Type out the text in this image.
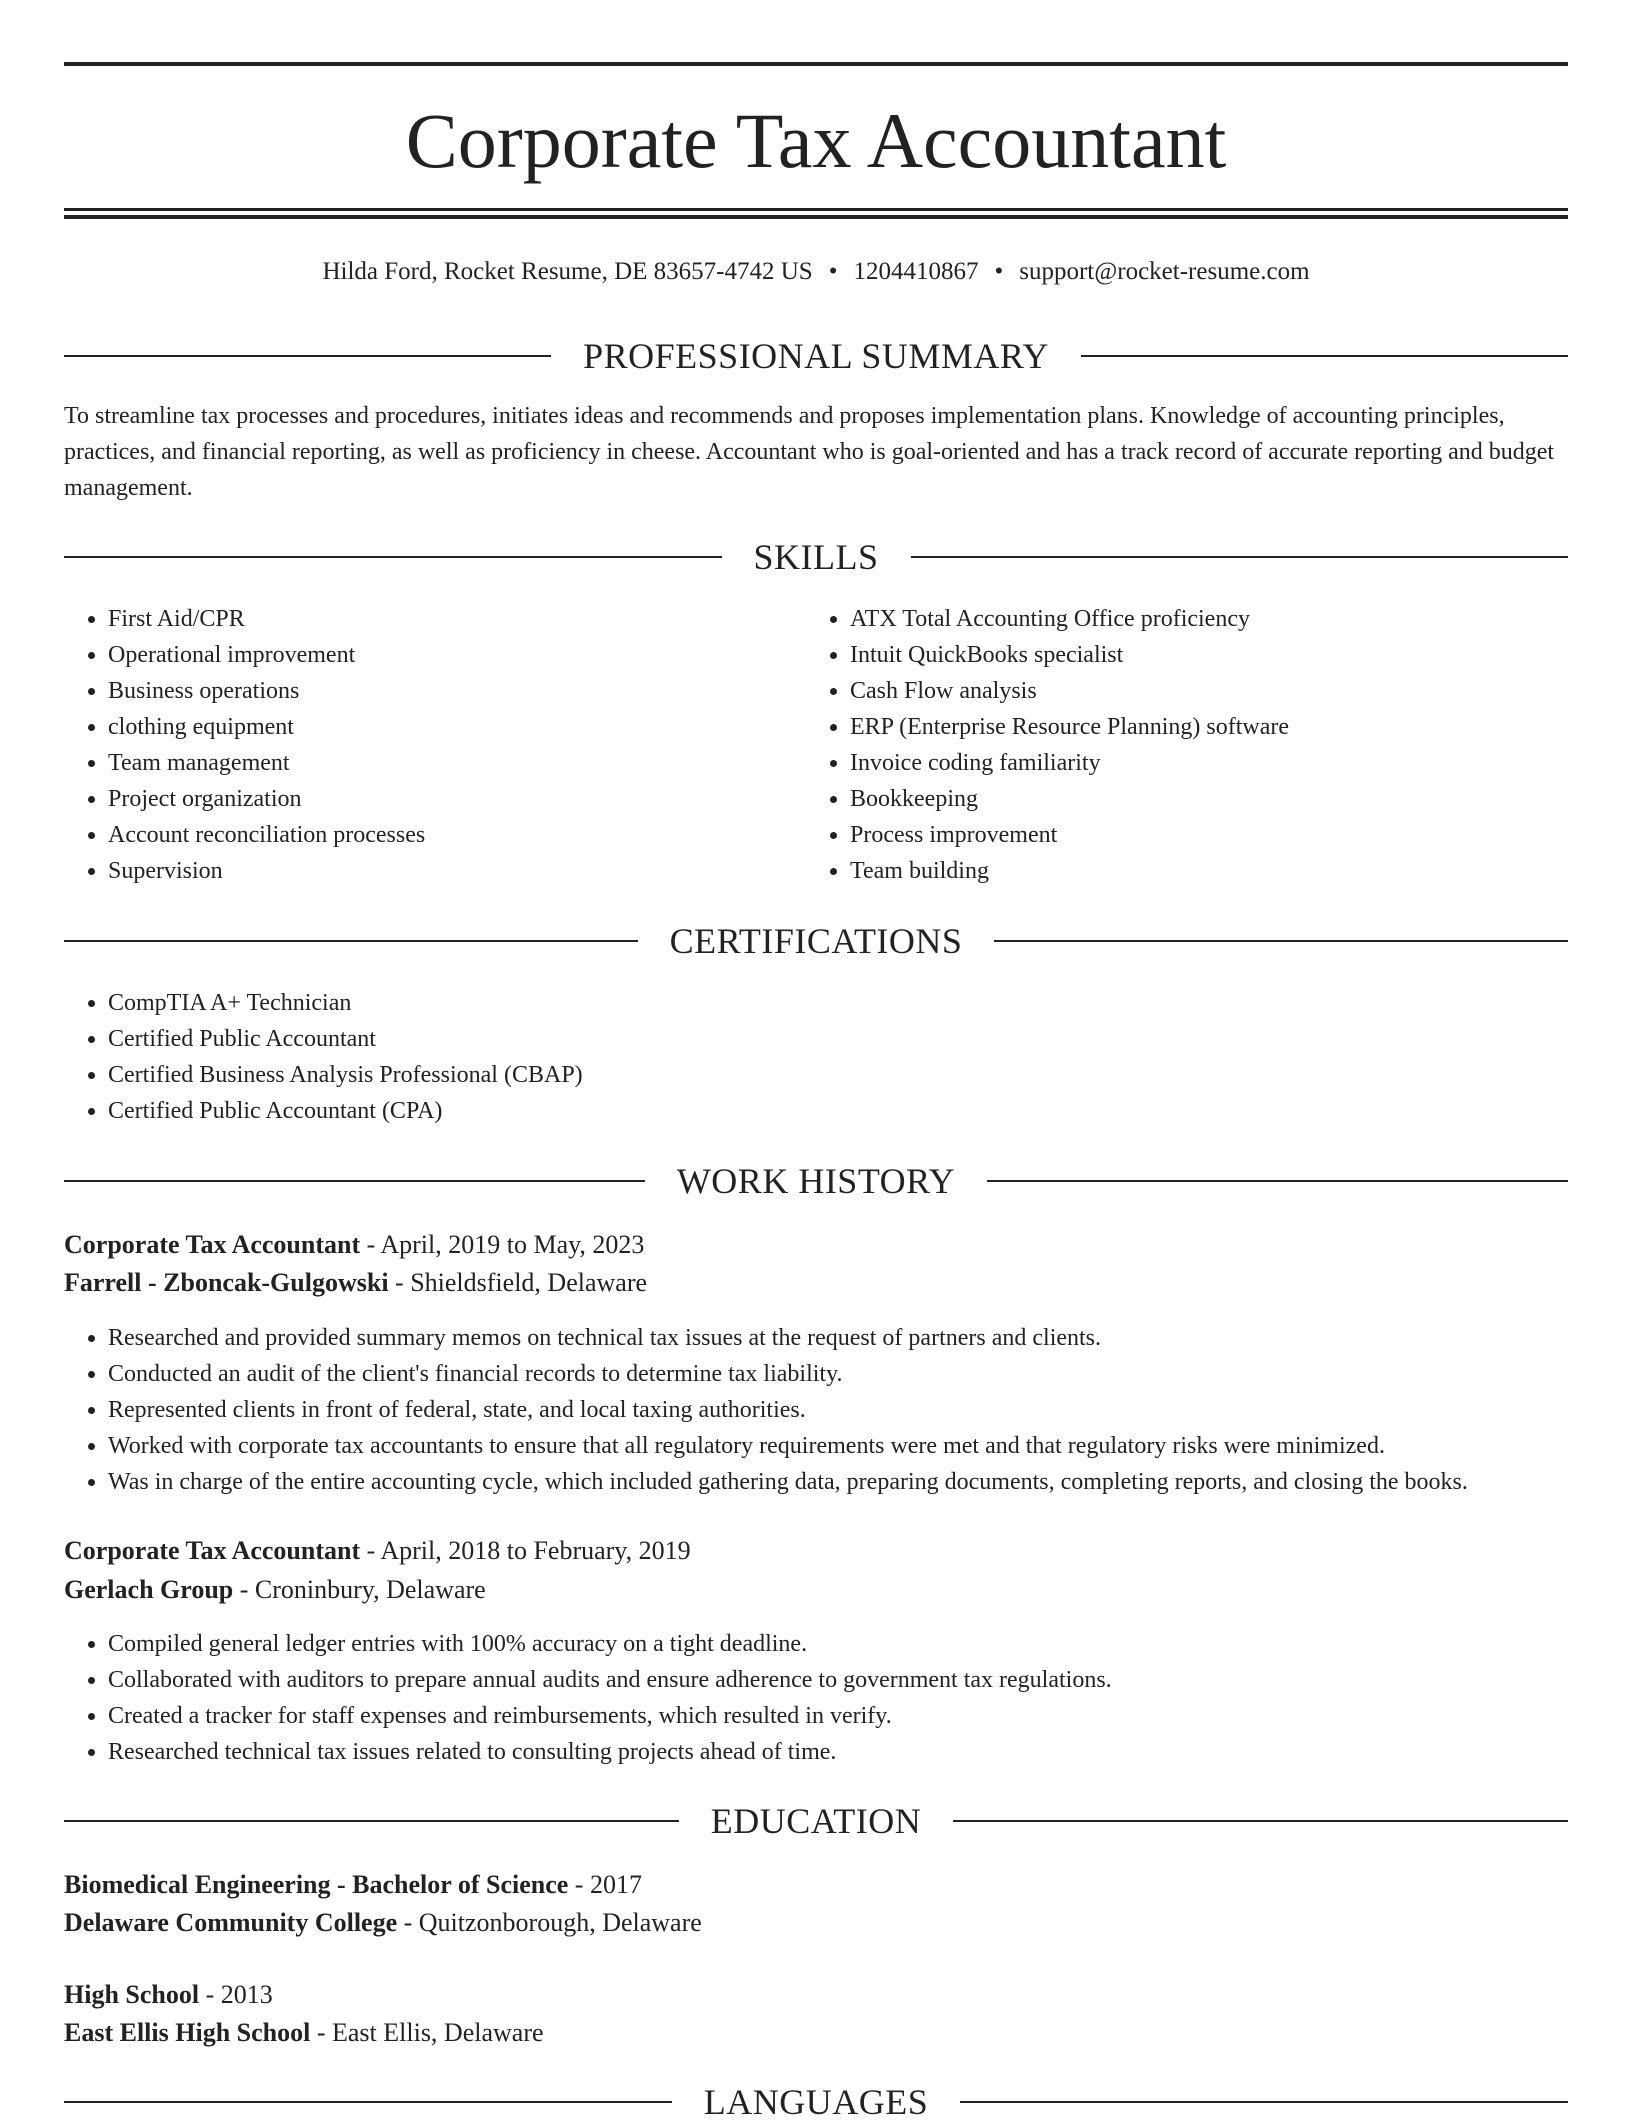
Corporate Tax Accountant
Hilda Ford, Rocket Resume, DE 83657-4742 US • 1204410867 • support@rocket-resume.com
PROFESSIONAL SUMMARY
To streamline tax processes and procedures, initiates ideas and recommends and proposes implementation plans. Knowledge of accounting principles, practices, and financial reporting, as well as proficiency in cheese. Accountant who is goal-oriented and has a track record of accurate reporting and budget management.
SKILLS
• First Aid/CPR
• Operational improvement
• Business operations
• clothing equipment
• Team management
• Project organization
• Account reconciliation processes
• Supervision
• ATX Total Accounting Office proficiency
• Intuit QuickBooks specialist
• Cash Flow analysis
• ERP (Enterprise Resource Planning) software
• Invoice coding familiarity
• Bookkeeping
• Process improvement
• Team building
CERTIFICATIONS
• CompTIA A+ Technician
• Certified Public Accountant
• Certified Business Analysis Professional (CBAP)
• Certified Public Accountant (CPA)
WORK HISTORY
Corporate Tax Accountant - April, 2019 to May, 2023
Farrell - Zboncak-Gulgowski - Shieldsfield, Delaware
• Researched and provided summary memos on technical tax issues at the request of partners and clients.
• Conducted an audit of the client's financial records to determine tax liability.
• Represented clients in front of federal, state, and local taxing authorities.
• Worked with corporate tax accountants to ensure that all regulatory requirements were met and that regulatory risks were minimized.
• Was in charge of the entire accounting cycle, which included gathering data, preparing documents, completing reports, and closing the books.
Corporate Tax Accountant - April, 2018 to February, 2019
Gerlach Group - Croninbury, Delaware
• Compiled general ledger entries with 100% accuracy on a tight deadline.
• Collaborated with auditors to prepare annual audits and ensure adherence to government tax regulations.
• Created a tracker for staff expenses and reimbursements, which resulted in verify.
• Researched technical tax issues related to consulting projects ahead of time.
EDUCATION
Biomedical Engineering - Bachelor of Science - 2017
Delaware Community College - Quitzonborough, Delaware
High School - 2013
East Ellis High School - East Ellis, Delaware
LANGUAGES
